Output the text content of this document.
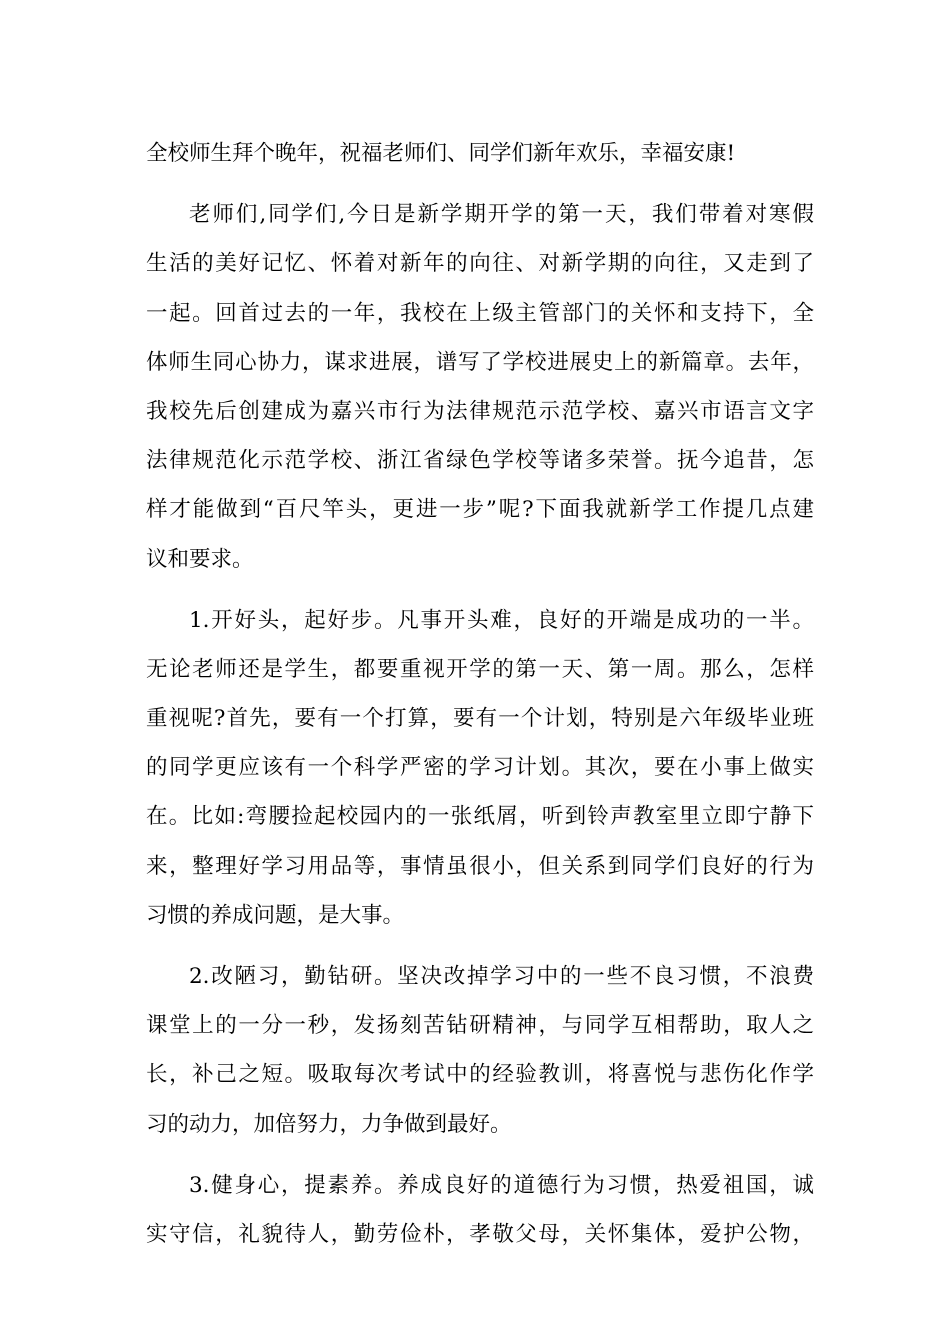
全校师生拜个晚年，祝福老师们、同学们新年欢乐，幸福安康!
老师们,同学们,今日是新学期开学的第一天，我们带着对寒假
生活的美好记忆、怀着对新年的向往、对新学期的向往，又走到了
一起。回首过去的一年，我校在上级主管部门的关怀和支持下，全
体师生同心协力，谋求进展，谱写了学校进展史上的新篇章。去年，
我校先后创建成为嘉兴市行为法律规范示范学校、嘉兴市语言文字
法律规范化示范学校、浙江省绿色学校等诸多荣誉。抚今追昔，怎
样才能做到“百尺竿头，更进一步”呢?下面我就新学工作提几点建
议和要求。
1.开好头，起好步。凡事开头难，良好的开端是成功的一半。
无论老师还是学生，都要重视开学的第一天、第一周。那么，怎样
重视呢?首先，要有一个打算，要有一个计划，特别是六年级毕业班
的同学更应该有一个科学严密的学习计划。其次，要在小事上做实
在。比如:弯腰捡起校园内的一张纸屑，听到铃声教室里立即宁静下
来，整理好学习用品等，事情虽很小，但关系到同学们良好的行为
习惯的养成问题，是大事。
2.改陋习，勤钻研。坚决改掉学习中的一些不良习惯，不浪费
课堂上的一分一秒，发扬刻苦钻研精神，与同学互相帮助，取人之
长，补己之短。吸取每次考试中的经验教训，将喜悦与悲伤化作学
习的动力，加倍努力，力争做到最好。
3.健身心，提素养。养成良好的道德行为习惯，热爱祖国，诚
实守信，礼貌待人，勤劳俭朴，孝敬父母，关怀集体，爱护公物，
